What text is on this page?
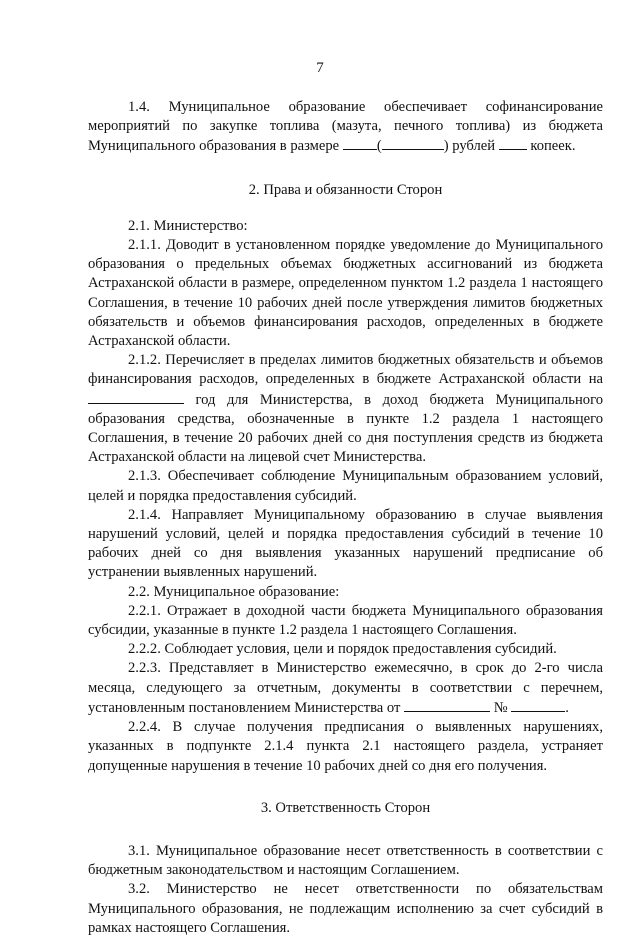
7

1.4. Муниципальное образование обеспечивает софинансирование мероприятий по закупке топлива (мазута, печного топлива) из бюджета Муниципального образования в размере (	) рублей  копеек.

2. Права и обязанности Сторон

2.1. Министерство:

2.1.1. Доводит в установленном порядке уведомление до Муниципального образования о предельных объемах бюджетных ассигнований из бюджета Астраханской области в размере, определенном пунктом 1.2 раздела 1 настоящего Соглашения, в течение 10 рабочих дней после утверждения лимитов бюджетных обязательств и объемов финансирования расходов, определенных в бюджете Астраханской области.

2.1.2. Перечисляет в пределах лимитов бюджетных обязательств и объемов финансирования расходов, определенных в бюджете Астраханской области на  год для Министерства, в доход бюджета Муниципального образования средства, обозначенные в пункте 1.2 раздела 1 настоящего Соглашения, в течение 20 рабочих дней со дня поступления средств из бюджета Астраханской области на лицевой счет Министерства.

2.1.3. Обеспечивает соблюдение Муниципальным образованием условий, целей и порядка предоставления субсидий.

2.1.4. Направляет Муниципальному образованию в случае выявления нарушений условий, целей и порядка предоставления субсидий в течение 10 рабочих дней со дня выявления указанных нарушений предписание об устранении выявленных нарушений.

2.2. Муниципальное образование:

2.2.1. Отражает в доходной части бюджета Муниципального образования субсидии, указанные в пункте 1.2 раздела 1 настоящего Соглашения.

2.2.2. Соблюдает условия, цели и порядок предоставления субсидий.

2.2.3. Представляет в Министерство ежемесячно, в срок до 2-го числа месяца, следующего за отчетным, документы в соответствии с перечнем, установленным постановлением Министерства от	№	.

2.2.4. В случае получения предписания о выявленных нарушениях, указанных в подпункте 2.1.4 пункта 2.1 настоящего раздела, устраняет допущенные нарушения в течение 10 рабочих дней со дня его получения.

3. Ответственность Сторон

3.1. Муниципальное образование несет ответственность в соответствии с бюджетным законодательством и настоящим Соглашением.

3.2. Министерство не несет ответственности по обязательствам Муниципального образования, не подлежащим исполнению за счет субсидий в рамках настоящего Соглашения.
